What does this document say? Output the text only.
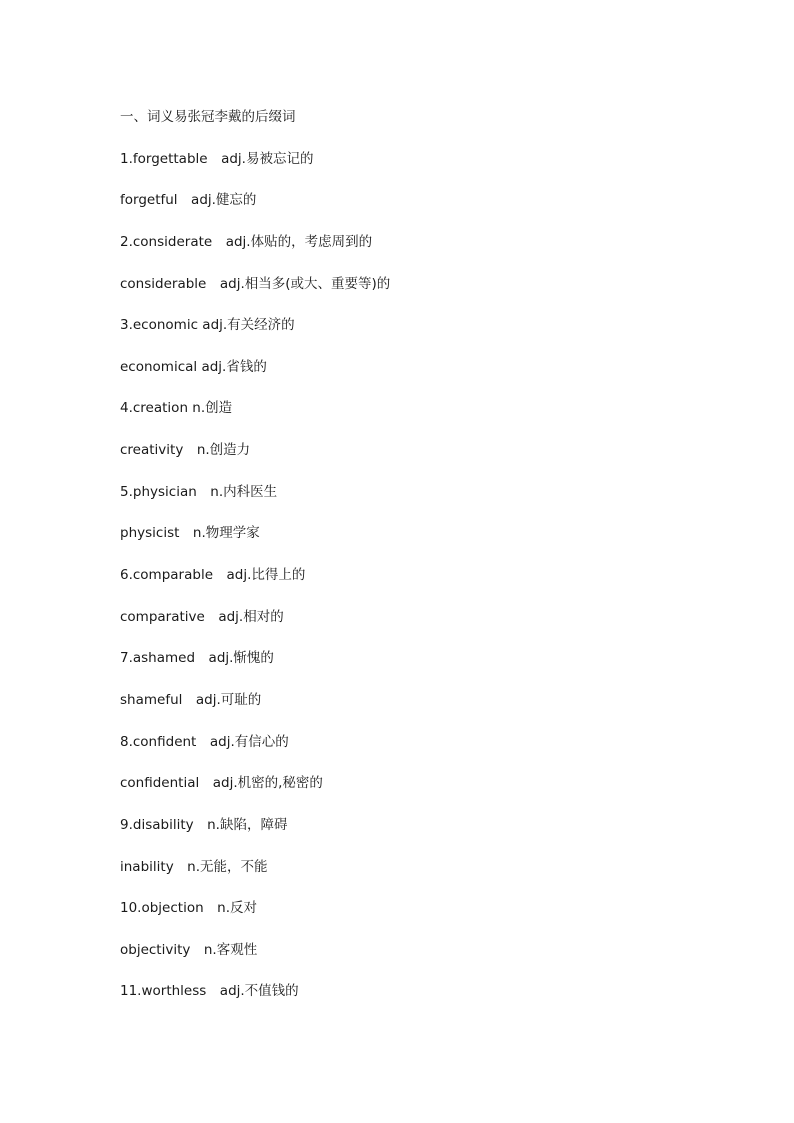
一、词义易张冠李戴的后缀词
1.forgettable　adj.易被忘记的
forgetful　adj.健忘的
2.considerate　adj.体贴的，考虑周到的
considerable　adj.相当多(或大、重要等)的
3.economic adj.有关经济的
economical adj.省钱的
4.creation n.创造
creativity　n.创造力
5.physician　n.内科医生
physicist　n.物理学家
6.comparable　adj.比得上的
comparative　adj.相对的
7.ashamed　adj.惭愧的
shameful　adj.可耻的
8.confident　adj.有信心的
confidential　adj.机密的,秘密的
9.disability　n.缺陷，障碍
inability　n.无能，不能
10.objection　n.反对
objectivity　n.客观性
11.worthless　adj.不值钱的
